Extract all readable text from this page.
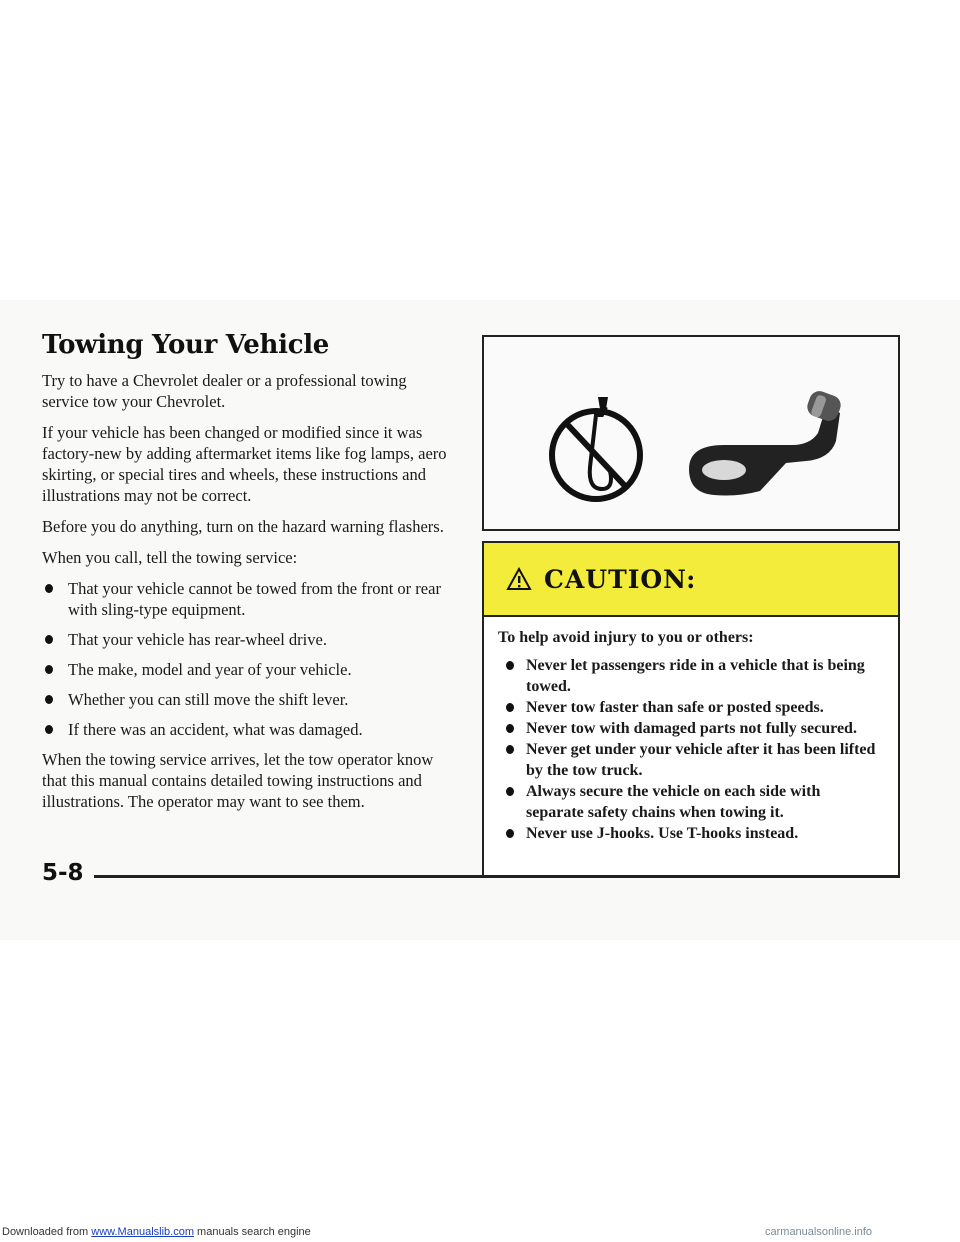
Towing Your Vehicle

Try to have a Chevrolet dealer or a professional towing service tow your Chevrolet.

If your vehicle has been changed or modified since it was factory-new by adding aftermarket items like fog lamps, aero skirting, or special tires and wheels, these instructions and illustrations may not be correct.

Before you do anything, turn on the hazard warning flashers.

When you call, tell the towing service:

That your vehicle cannot be towed from the front or rear with sling-type equipment.
That your vehicle has rear-wheel drive.
The make, model and year of your vehicle.
Whether you can still move the shift lever.
If there was an accident, what was damaged.

When the towing service arrives, let the tow operator know that this manual contains detailed towing instructions and illustrations. The operator may want to see them.

CAUTION:

To help avoid injury to you or others:

Never let passengers ride in a vehicle that is being towed.
Never tow faster than safe or posted speeds.
Never tow with damaged parts not fully secured.
Never get under your vehicle after it has been lifted by the tow truck.
Always secure the vehicle on each side with separate safety chains when towing it.
Never use J-hooks. Use T-hooks instead.
5-8
Downloaded from www.Manualslib.com manuals search engine	carmanualsonline.info
